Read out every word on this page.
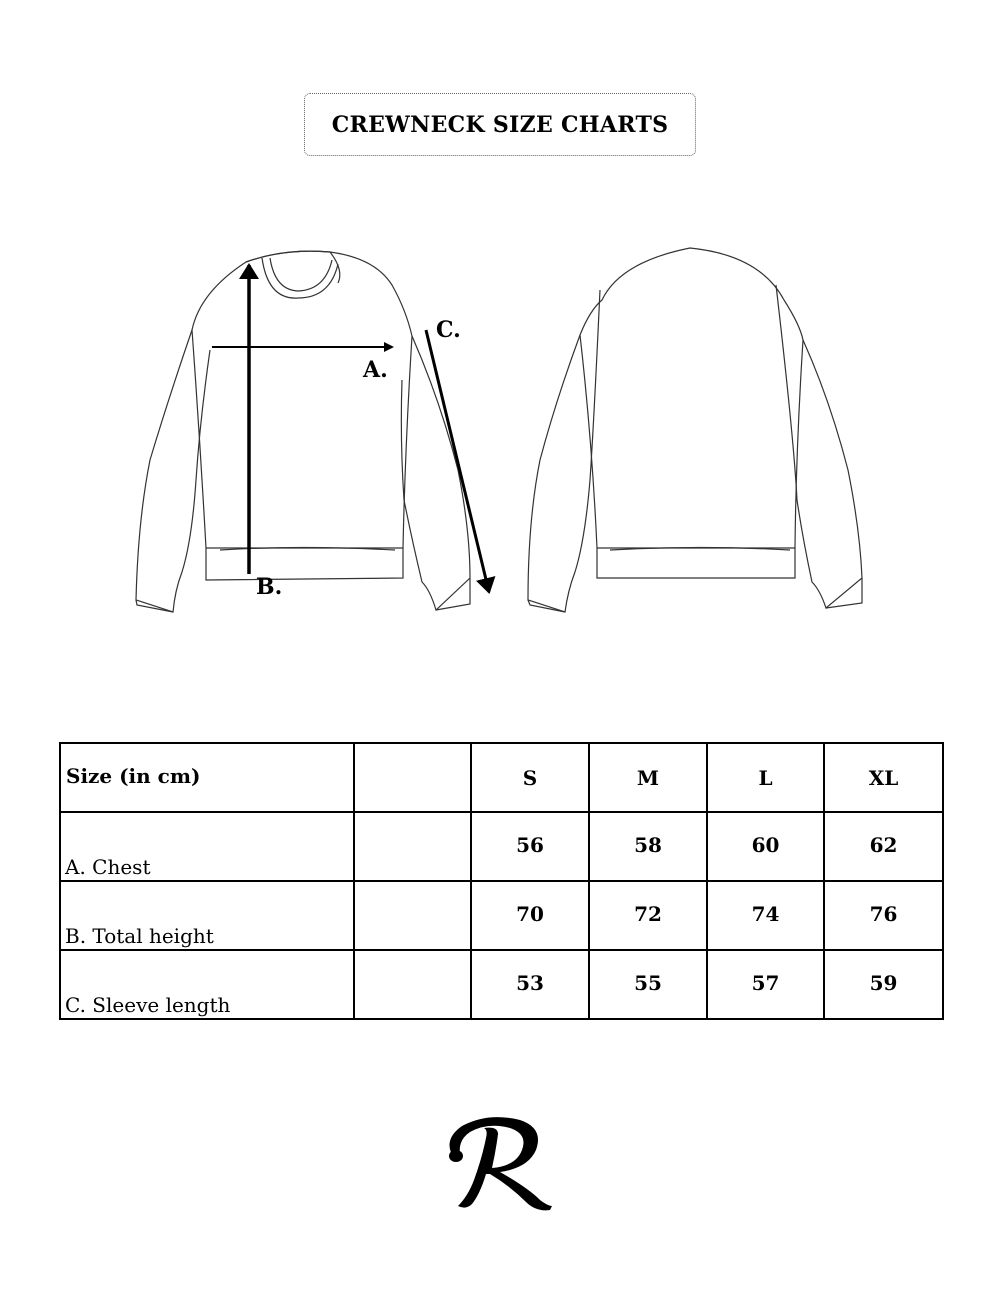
CREWNECK SIZE CHARTS
A.
B.
C.
Size (in cm)		S	M	L	XL
A. Chest		56	58	60	62
B. Total height		70	72	74	76
C. Sleeve length		53	55	57	59
